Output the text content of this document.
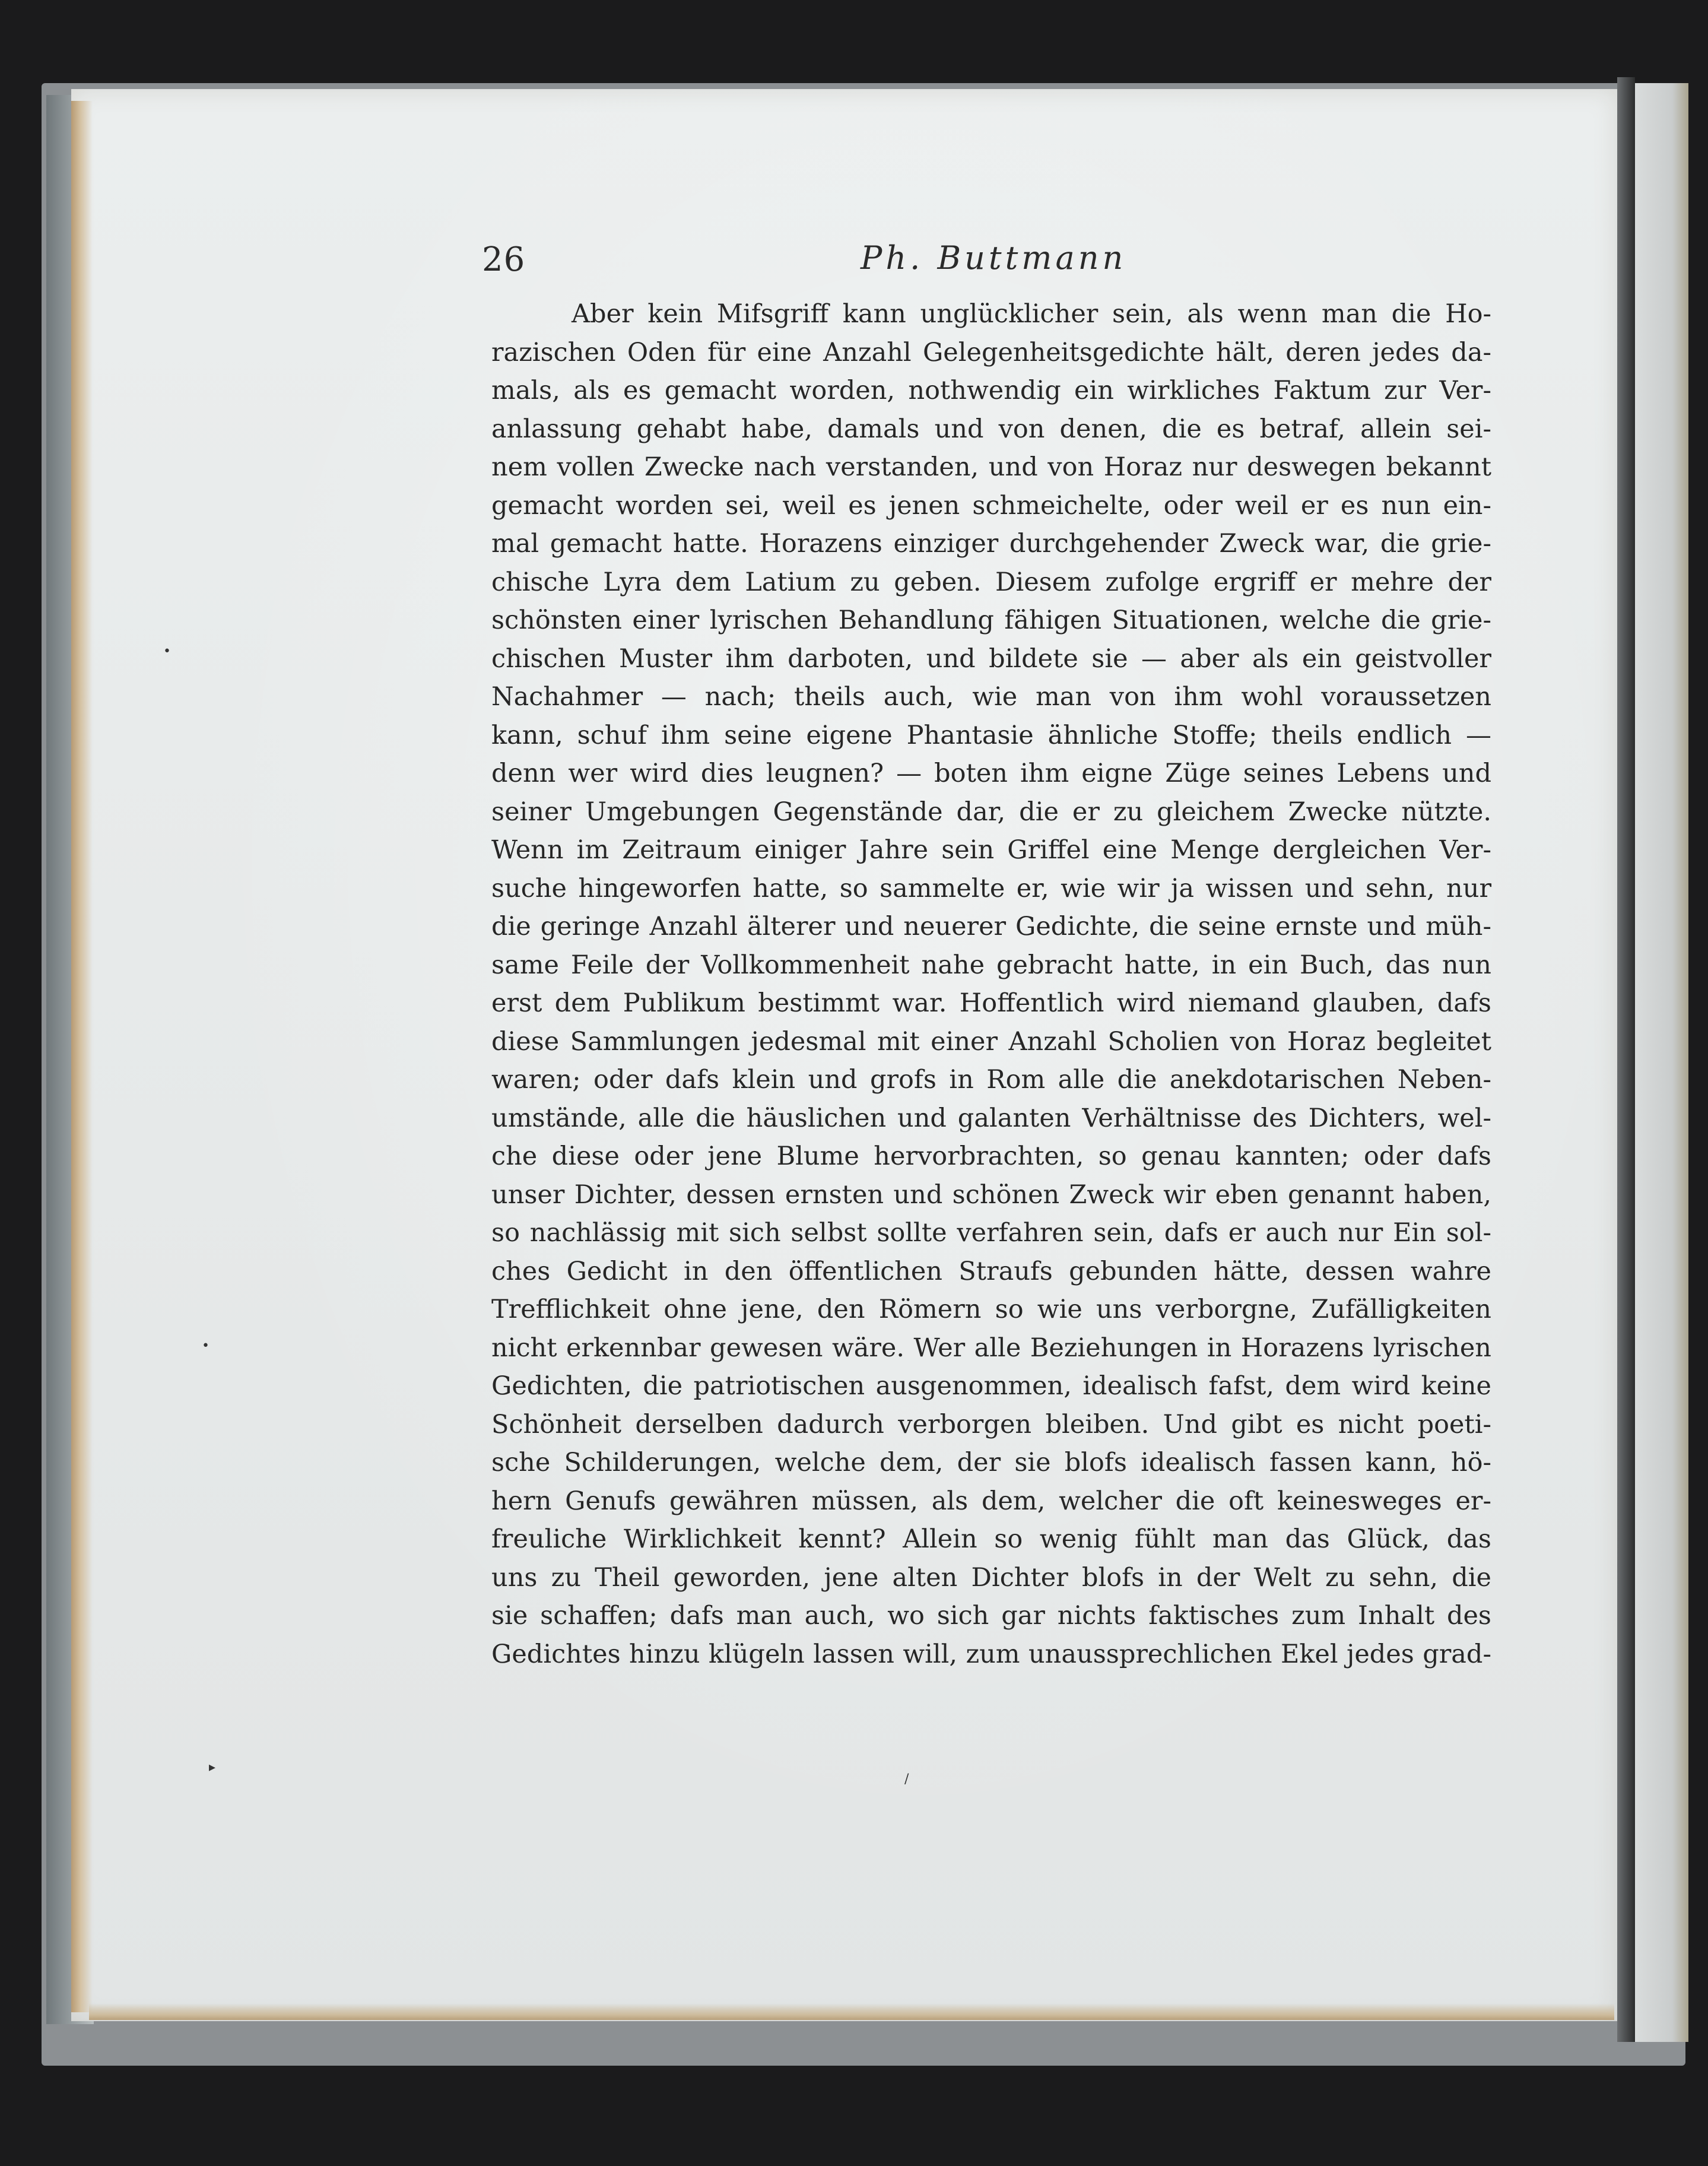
26	Ph. Buttmann
Aber kein Mifsgriff kann unglücklicher sein, als wenn man die Ho-
razischen Oden für eine Anzahl Gelegenheitsgedichte hält, deren jedes da-
mals, als es gemacht worden, nothwendig ein wirkliches Faktum zur Ver-
anlassung gehabt habe, damals und von denen, die es betraf, allein sei-
nem vollen Zwecke nach verstanden, und von Horaz nur deswegen bekannt
gemacht worden sei, weil es jenen schmeichelte, oder weil er es nun ein-
mal gemacht hatte. Horazens einziger durchgehender Zweck war, die grie-
chische Lyra dem Latium zu geben. Diesem zufolge ergriff er mehre der
schönsten einer lyrischen Behandlung fähigen Situationen, welche die grie-
chischen Muster ihm darboten, und bildete sie — aber als ein geistvoller
Nachahmer — nach; theils auch, wie man von ihm wohl voraussetzen
kann, schuf ihm seine eigene Phantasie ähnliche Stoffe; theils endlich —
denn wer wird dies leugnen? — boten ihm eigne Züge seines Lebens und
seiner Umgebungen Gegenstände dar, die er zu gleichem Zwecke nützte.
Wenn im Zeitraum einiger Jahre sein Griffel eine Menge dergleichen Ver-
suche hingeworfen hatte, so sammelte er, wie wir ja wissen und sehn, nur
die geringe Anzahl älterer und neuerer Gedichte, die seine ernste und müh-
same Feile der Vollkommenheit nahe gebracht hatte, in ein Buch, das nun
erst dem Publikum bestimmt war. Hoffentlich wird niemand glauben, dafs
diese Sammlungen jedesmal mit einer Anzahl Scholien von Horaz begleitet
waren; oder dafs klein und grofs in Rom alle die anekdotarischen Neben-
umstände, alle die häuslichen und galanten Verhältnisse des Dichters, wel-
che diese oder jene Blume hervorbrachten, so genau kannten; oder dafs
unser Dichter, dessen ernsten und schönen Zweck wir eben genannt haben,
so nachlässig mit sich selbst sollte verfahren sein, dafs er auch nur Ein sol-
ches Gedicht in den öffentlichen Straufs gebunden hätte, dessen wahre
Trefflichkeit ohne jene, den Römern so wie uns verborgne, Zufälligkeiten
nicht erkennbar gewesen wäre. Wer alle Beziehungen in Horazens lyrischen
Gedichten, die patriotischen ausgenommen, idealisch fafst, dem wird keine
Schönheit derselben dadurch verborgen bleiben. Und gibt es nicht poeti-
sche Schilderungen, welche dem, der sie blofs idealisch fassen kann, hö-
hern Genufs gewähren müssen, als dem, welcher die oft keinesweges er-
freuliche Wirklichkeit kennt? Allein so wenig fühlt man das Glück, das
uns zu Theil geworden, jene alten Dichter blofs in der Welt zu sehn, die
sie schaffen; dafs man auch, wo sich gar nichts faktisches zum Inhalt des
Gedichtes hinzu klügeln lassen will, zum unaussprechlichen Ekel jedes grad-
•
•
▸
/
